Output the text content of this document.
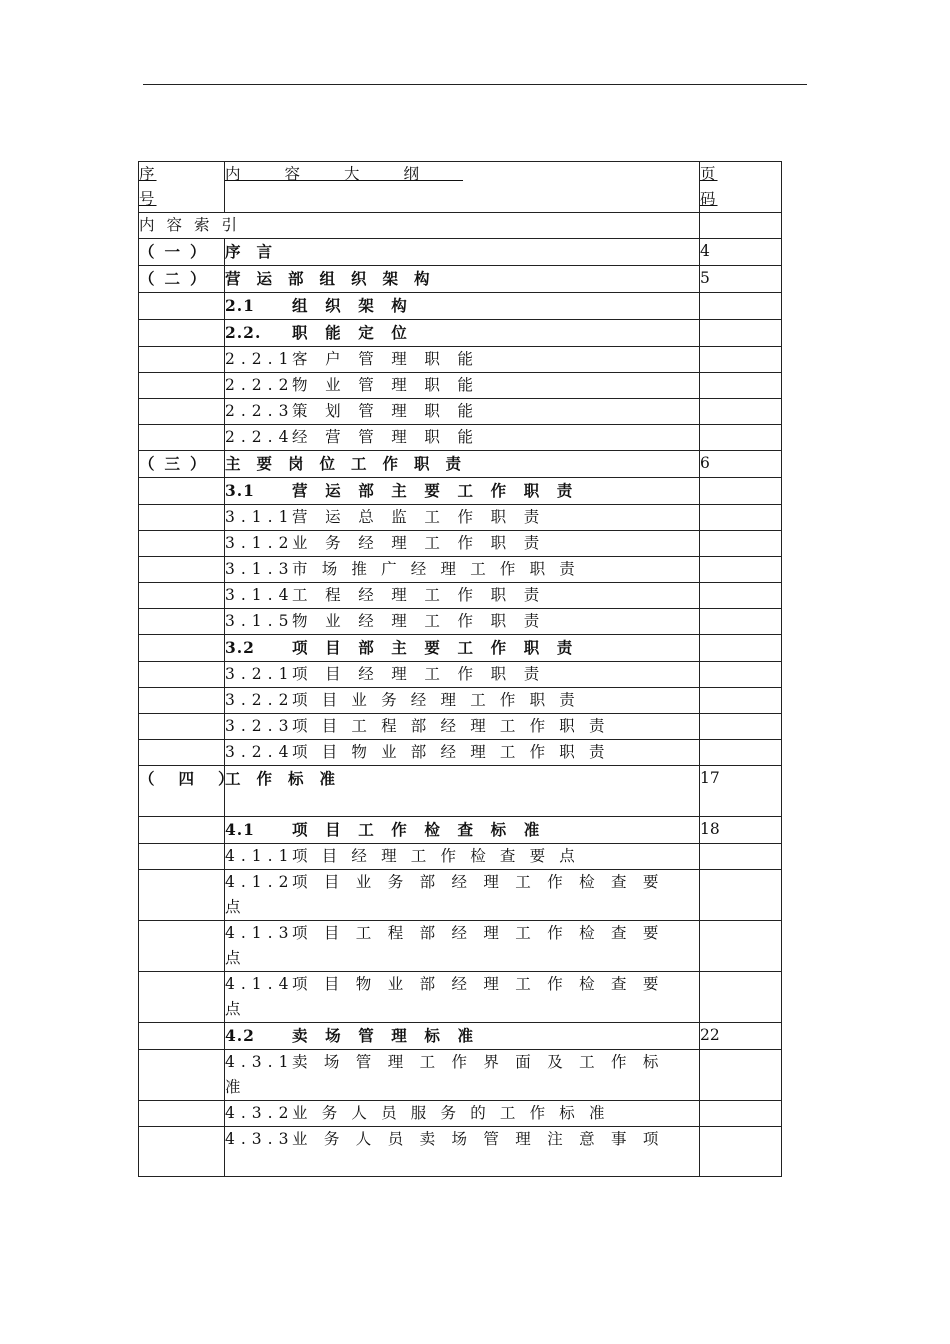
序号	内容大纲	页码

内容索引		
（一）	序言	4
（二）	营运部组织架构	5
	2.1 组织架构	
	2.2. 职能定位	
	2.2.1客户管理职能	
	2.2.2物业管理职能	
	2.2.3策划管理职能	
	2.2.4经营管理职能	
（三）	主要岗位工作职责	6
	3.1 营运部主要工作职责	
	3.1.1营运总监工作职责	
	3.1.2业务经理工作职责	
	3.1.3市场推广经理工作职责	
	3.1.4工程经理工作职责	
	3.1.5物业经理工作职责	
	3.2 项目部主要工作职责	
	3.2.1项目经理工作职责	
	3.2.2项目业务经理工作职责	
	3.2.3项目工程部经理工作职责	
	3.2.4项目物业部经理工作职责	

（四）	工作标准	17
	4.1 项目工作检查标准	18
	4.1.1项目经理工作检查要点	
	4.1.2项目业务部经理工作检查要点	
	4.1.3项目工程部经理工作检查要点	
	4.1.4项目物业部经理工作检查要点	
	4.2 卖场管理标准	22
	4.3.1卖场管理工作界面及工作标准	
	4.3.2业务人员服务的工作标准	
	4.3.3业务人员卖场管理注意事项	
